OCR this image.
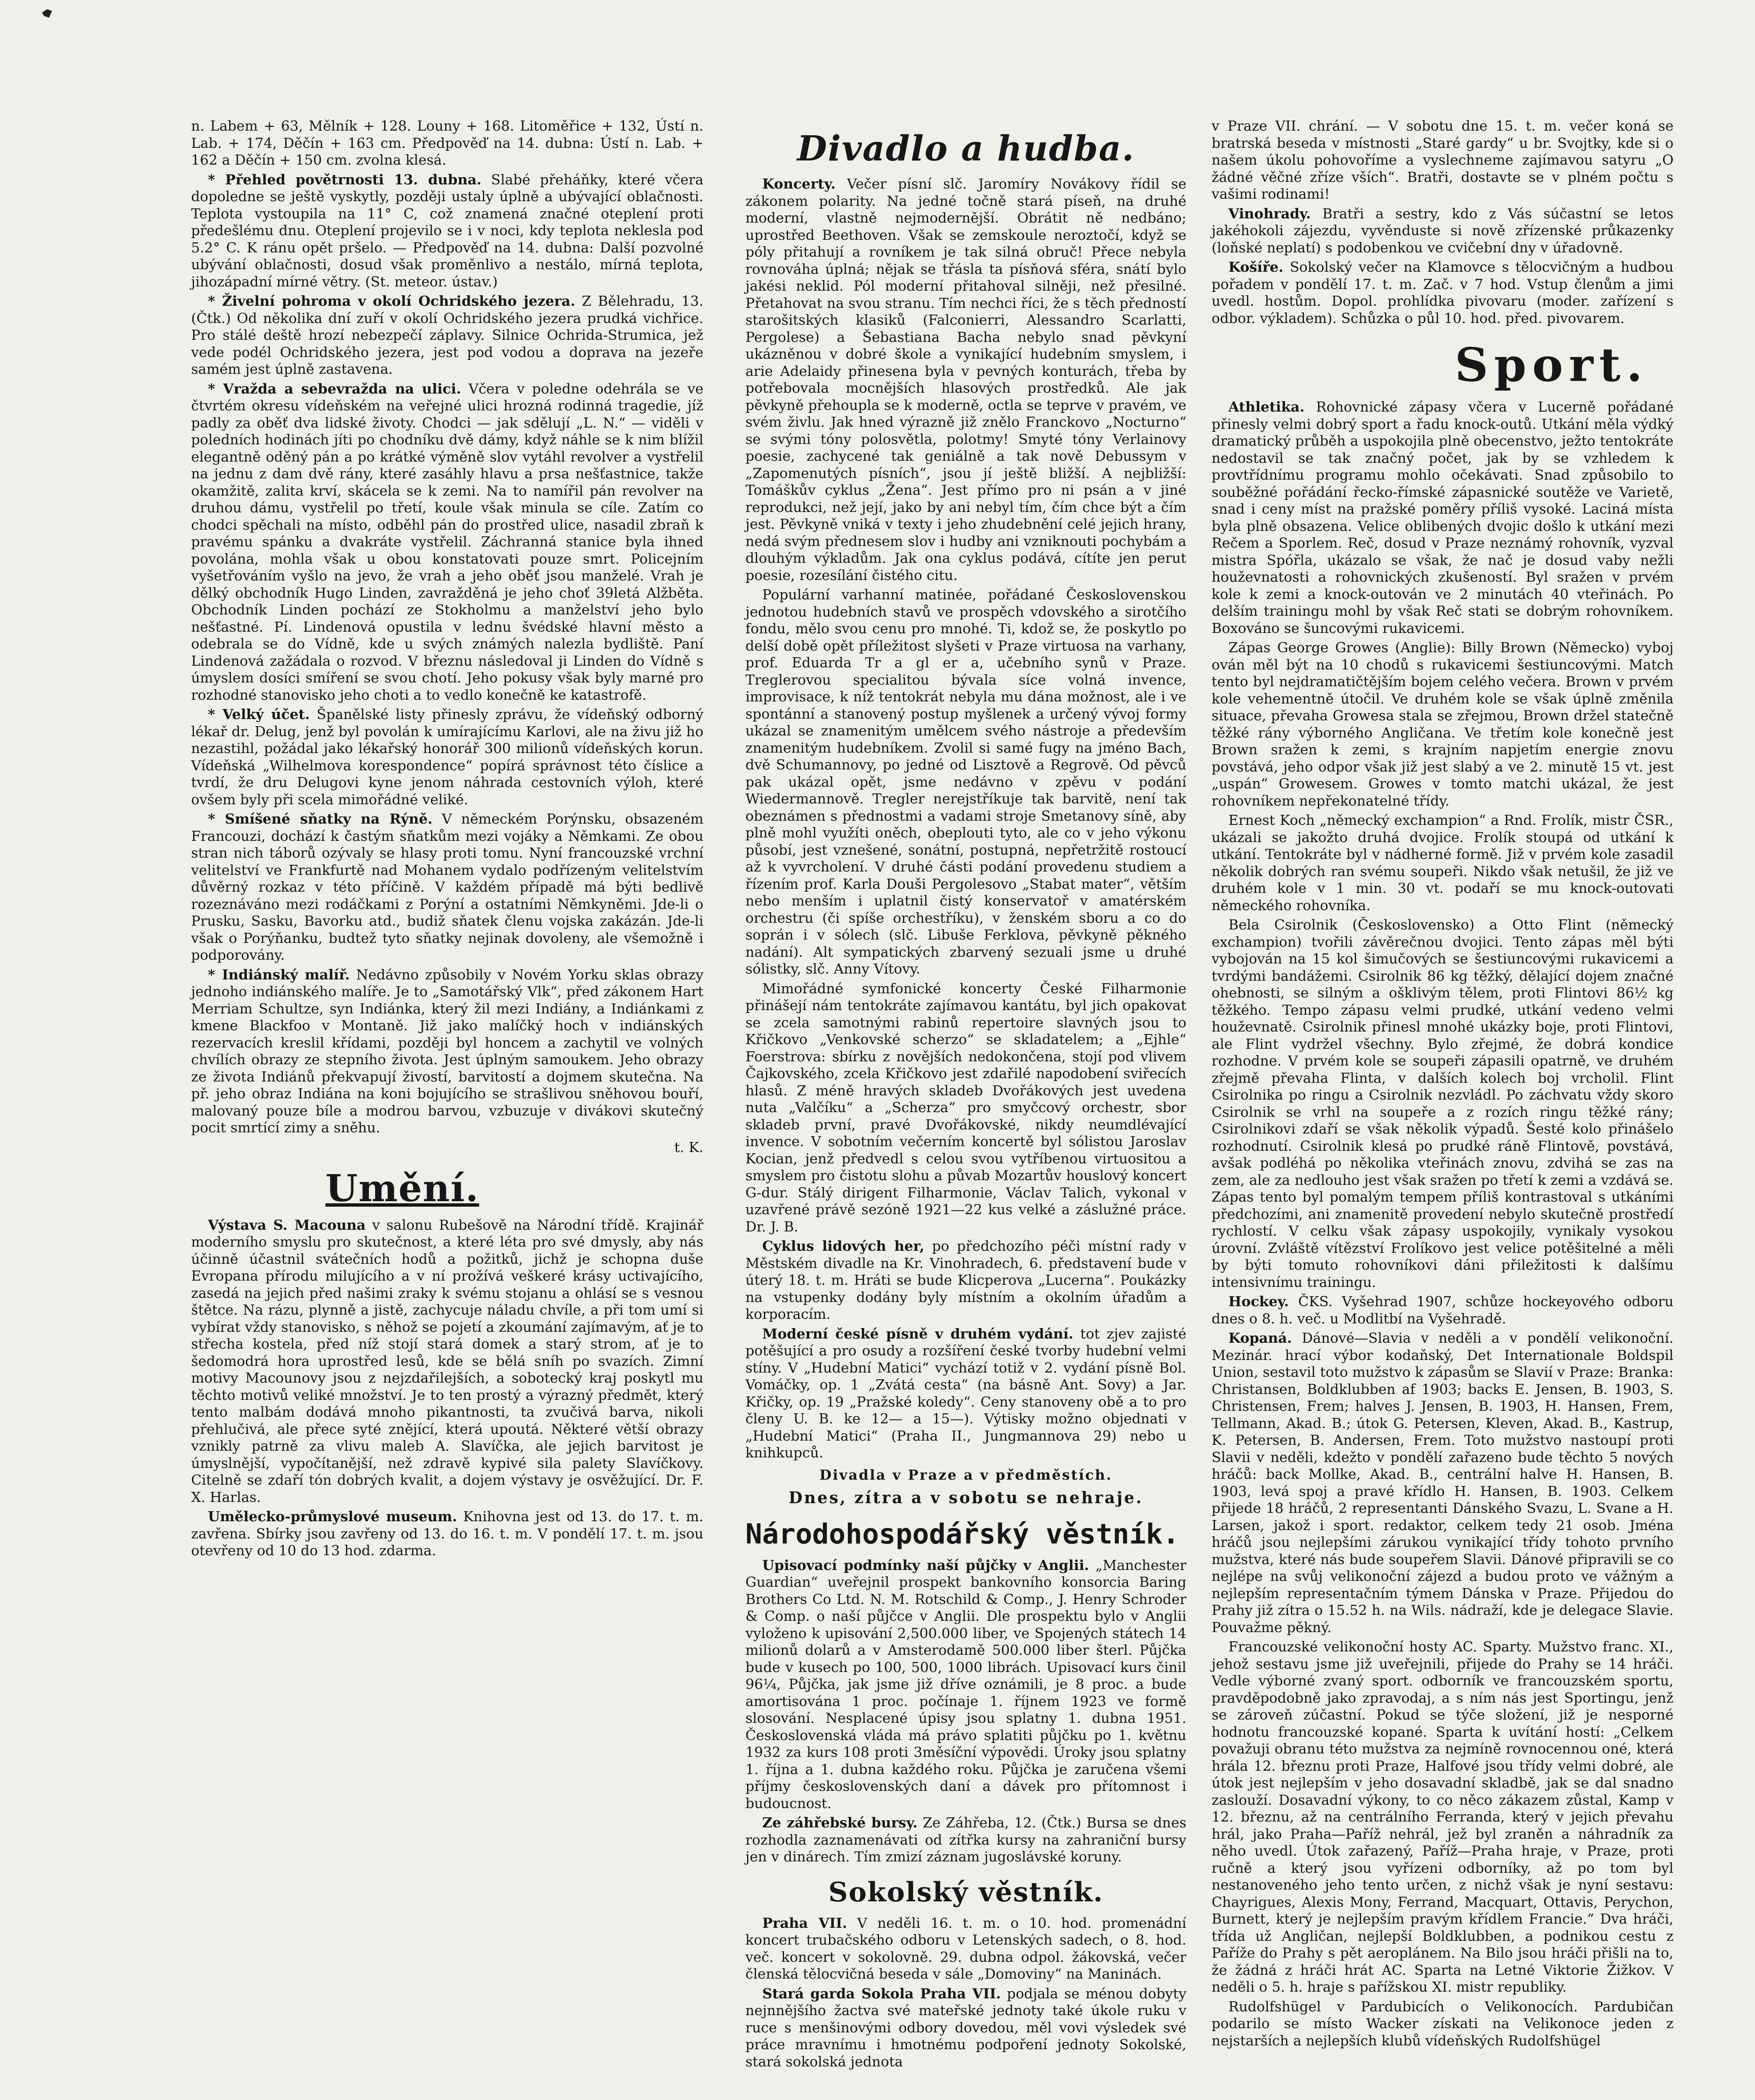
n. Labem + 63, Mělník + 128. Louny + 168. Litoměřice + 132, Ústí n. Lab. + 174, Děčín + 163 cm. Předpověď na 14. dubna: Ústí n. Lab. + 162 a Děčín + 150 cm. zvolna klesá.

* Přehled povětrnosti 13. dubna. Slabé přeháňky, které včera dopoledne se ještě vyskytly, později ustaly úplně a ubývající oblačnosti. Teplota vystoupila na 11° C, což znamená značné oteplení proti předešlému dnu. Oteplení projevilo se i v noci, kdy teplota neklesla pod 5.2° C. K ránu opět pršelo. — Předpověď na 14. dubna: Další pozvolné ubývání oblačnosti, dosud však proměnlivo a nestálo, mírná teplota, jihozápadní mírné větry. (St. meteor. ústav.)

* Živelní pohroma v okolí Ochridského jezera. Z Bělehradu, 13. (Čtk.) Od několika dní zuří v okolí Ochridského jezera prudká vichřice. Pro stálé deště hrozí nebezpečí záplavy. Silnice Ochrida-Strumica, jež vede podél Ochridského jezera, jest pod vodou a doprava na jezeře samém jest úplně zastavena.

* Vražda a sebevražda na ulici. Včera v poledne odehrála se ve čtvrtém okresu vídeňském na veřejné ulici hrozná rodinná tragedie, jíž padly za oběť dva lidské životy. Chodci — jak sdělují „L. N.“ — viděli v poledních hodinách jíti po chodníku dvě dámy, když náhle se k nim blížil elegantně oděný pán a po krátké výměně slov vytáhl revolver a vystřelil na jednu z dam dvě rány, které zasáhly hlavu a prsa nešťastnice, takže okamžitě, zalita krví, skácela se k zemi. Na to namířil pán revolver na druhou dámu, vystřelil po třetí, koule však minula se cíle. Zatím co chodci spěchali na místo, odběhl pán do prostřed ulice, nasadil zbraň k pravému spánku a dvakráte vystřelil. Záchranná stanice byla ihned povolána, mohla však u obou konstatovati pouze smrt. Policejním vyšetřováním vyšlo na jevo, že vrah a jeho oběť jsou manželé. Vrah je dělký obchodník Hugo Linden, zavražděná je jeho choť 39letá Alžběta. Obchodník Linden pochází ze Stokholmu a manželství jeho bylo nešťastné. Pí. Lindenová opustila v lednu švédské hlavní město a odebrala se do Vídně, kde u svých známých nalezla bydliště. Paní Lindenová zažádala o rozvod. V březnu následoval ji Linden do Vídně s úmyslem dosíci smíření se svou chotí. Jeho pokusy však byly marné pro rozhodné stanovisko jeho choti a to vedlo konečně ke katastrofě.

* Velký účet. Španělské listy přinesly zprávu, že vídeňský odborný lékař dr. Delug, jenž byl povolán k umírajícímu Karlovi, ale na živu již ho nezastihl, požádal jako lékařský honorář 300 milionů vídeňských korun. Vídeňská „Wilhelmova korespondence“ popírá správnost této číslice a tvrdí, že dru Delugovi kyne jenom náhrada cestovních výloh, které ovšem byly při scela mimořádné veliké.

* Smíšené sňatky na Rýně. V německém Porýnsku, obsazeném Francouzi, dochází k častým sňatkům mezi vojáky a Němkami. Ze obou stran nich táborů ozývaly se hlasy proti tomu. Nyní francouzské vrchní velitelství ve Frankfurtě nad Mohanem vydalo podřízeným velitelstvím důvěrný rozkaz v této příčině. V každém případě má býti bedlivě rozeznáváno mezi rodáčkami z Porýní a ostatními Němkyněmi. Jde-li o Prusku, Sasku, Bavorku atd., budiž sňatek členu vojska zakázán. Jde-li však o Porýňanku, budtež tyto sňatky nejinak dovoleny, ale všemožně i podporovány.

* Indiánský malíř. Nedávno způsobily v Novém Yorku sklas obrazy jednoho indiánského malíře. Je to „Samotářský Vlk“, před zákonem Hart Merriam Schultze, syn Indiánka, který žil mezi Indiány, a Indiánkami z kmene Blackfoo v Montaně. Již jako malíčký hoch v indiánských rezervacích kreslil křídami, později byl honcem a zachytil ve volných chvílích obrazy ze stepního života. Jest úplným samoukem. Jeho obrazy ze života Indiánů překvapují živostí, barvitostí a dojmem skutečna. Na př. jeho obraz Indiána na koni bojujícího se strašlivou sněhovou bouří, malovaný pouze bíle a modrou barvou, vzbuzuje v divákovi skutečný pocit smrtící zimy a sněhu.

t. K.
Umění.

Výstava S. Macouna v salonu Rubešově na Národní třídě. Krajinář moderního smyslu pro skutečnost, a které léta pro své dmysly, aby nás účinně účastnil svátečních hodů a požitků, jichž je schopna duše Evropana přírodu milujícího a v ní prožívá veškeré krásy uctivajícího, zasedá na jejich před našimi zraky k svému stojanu a ohlásí se s vesnou štětce. Na rázu, plynně a jistě, zachycuje náladu chvíle, a při tom umí si vybírat vždy stanovisko, s něhož se pojetí a zkoumání zajímavým, ať je to střecha kostela, před níž stojí stará domek a starý strom, ať je to šedomodrá hora uprostřed lesů, kde se bělá sníh po svazích. Zimní motivy Macounovy jsou z nejzdařilejších, a sobotecký kraj poskytl mu těchto motivů veliké množství. Je to ten prostý a výrazný předmět, který tento malbám dodává mnoho pikantnosti, ta zvučivá barva, nikoli přehlučivá, ale přece syté znějící, která upoutá. Některé větší obrazy vznikly patrně za vlivu maleb A. Slavíčka, ale jejich barvitost je úmyslnější, vypočítanější, než zdravě kypivé sila palety Slavíčkovy. Citelně se zdaří tón dobrých kvalit, a dojem výstavy je osvěžující. Dr. F. X. Harlas.

Umělecko-průmyslové museum. Knihovna jest od 13. do 17. t. m. zavřena. Sbírky jsou zavřeny od 13. do 16. t. m. V pondělí 17. t. m. jsou otevřeny od 10 do 13 hod. zdarma.

Divadlo a hudba.

Koncerty. Večer písní slč. Jaromíry Novákovy řídil se zákonem polarity. Na jedné točně stará píseň, na druhé moderní, vlastně nejmodernější. Obrátit ně nedbáno; uprostřed Beethoven. Však se zemskoule neroztočí, když se póly přitahují a rovníkem je tak silná obruč! Přece nebyla rovnováha úplná; nějak se třásla ta písňová sféra, snátí bylo jakési neklid. Pól moderní přitahoval silněji, než přesilné. Přetahovat na svou stranu. Tím nechci říci, že s těch předností starošitských klasiků (Falconierri, Alessandro Scarlatti, Pergolese) a Šebastiana Bacha nebylo snad pěvkyní ukázněnou v dobré škole a vynikající hudebním smyslem, i arie Adelaidy přinesena byla v pevných konturách, třeba by potřebovala mocnějších hlasových prostředků. Ale jak pěvkyně přehoupla se k moderně, octla se teprve v pravém, ve svém živlu. Jak hned výrazně již znělo Franckovo „Nocturno“ se svými tóny polosvětla, polotmy! Smyté tóny Verlainovy poesie, zachycené tak geniálně a tak nově Debussym v „Zapomenutých písních“, jsou jí ještě bližší. A nejbližší: Tomáškův cyklus „Žena“. Jest přímo pro ni psán a v jiné reprodukci, než její, jako by ani nebyl tím, čím chce být a čím jest. Pěvkyně vniká v texty i jeho zhudebnění celé jejich hrany, nedá svým přednesem slov i hudby ani vzniknouti pochybám a dlouhým výkladům. Jak ona cyklus podává, cítíte jen perut poesie, rozesílání čistého citu.

Populární varhanní matinée, pořádané Československou jednotou hudebních stavů ve prospěch vdovského a sirotčího fondu, mělo svou cenu pro mnohé. Ti, kdož se, že poskytlo po delší době opět příležitost slyšeti v Praze virtuosa na varhany, prof. Eduarda Tr a gl er a, učebního synů v Praze. Treglerovou specialitou bývala síce volná invence, improvisace, k níž tentokrát nebyla mu dána možnost, ale i ve spontánní a stanovený postup myšlenek a určený vývoj formy ukázal se znamenitým umělcem svého nástroje a především znamenitým hudebníkem. Zvolil si samé fugy na jméno Bach, dvě Schumannovy, po jedné od Lisztově a Regrově. Od pěvců pak ukázal opět, jsme nedávno v zpěvu v podání Wiedermannově. Tregler nerejstříkuje tak barvitě, není tak obeznámen s přednostmi a vadami stroje Smetanovy síně, aby plně mohl využíti oněch, obeplouti tyto, ale co v jeho výkonu působí, jest vznešené, sonátní, postupná, nepřetržitě rostoucí až k vyvrcholení. V druhé části podání provedenu studiem a řízením prof. Karla Douši Pergolesovo „Stabat mater“, větším nebo menším i uplatnil čistý konservatoř v amatérském orchestru (či spíše orchestříku), v ženském sboru a co do soprán i v sólech (slč. Libuše Ferklova, pěvkyně pěkného nadání). Alt sympatických zbarvený sezuali jsme u druhé sólistky, slč. Anny Vítovy.

Mimořádné symfonické koncerty České Filharmonie přinášejí nám tentokráte zajímavou kantátu, byl jich opakovat se zcela samotnými rabinů repertoire slavných jsou to Křičkovo „Venkovské scherzo“ se skladatelem; a „Ejhle“ Foerstrova: sbírku z novějších nedokončena, stojí pod vlivem Čajkovského, zcela Křičkovo jest zdařilé napodobení sviřecích hlasů. Z méně hravých skladeb Dvořákových jest uvedena nuta „Valčíku“ a „Scherza“ pro smyčcový orchestr, sbor skladeb první, pravé Dvořákovské, nikdy neumdlévající invence. V sobotním večerním koncertě byl sólistou Jaroslav Kocian, jenž předvedl s celou svou vytříbenou virtuositou a smyslem pro čistotu slohu a půvab Mozartův houslový koncert G-dur. Stálý dirigent Filharmonie, Václav Talich, vykonal v uzavřené právě sezóně 1921—22 kus velké a záslužné práce. Dr. J. B.

Cyklus lidových her, po předchozího péči místní rady v Městském divadle na Kr. Vinohradech, 6. představení bude v úterý 18. t. m. Hráti se bude Klicperova „Lucerna“. Poukázky na vstupenky dodány byly místním a okolním úřadům a korporacím.

Moderní české písně v druhém vydání. tot zjev zajisté potěšující a pro osudy a rozšíření české tvorby hudební velmi stíny. V „Hudební Matici“ vychází totiž v 2. vydání písně Bol. Vomáčky, op. 1 „Zvátá cesta“ (na básně Ant. Sovy) a Jar. Křičky, op. 19 „Pražské koledy“. Ceny stanoveny obě a to pro členy U. B. ke 12— a 15—). Výtisky možno objednati v „Hudební Matici“ (Praha II., Jungmannova 29) nebo u knihkupců.

Divadla v Praze a v předměstích.
Dnes, zítra a v sobotu se nehraje.
Národohospodářský věstník.

Upisovací podmínky naší půjčky v Anglii. „Manchester Guardian“ uveřejnil prospekt bankovního konsorcia Baring Brothers Co Ltd. N. M. Rotschild & Comp., J. Henry Schroder & Comp. o naší půjčce v Anglii. Dle prospektu bylo v Anglii vyloženo k upisování 2,500.000 liber, ve Spojených státech 14 milionů dolarů a v Amsterodamě 500.000 liber šterl. Půjčka bude v kusech po 100, 500, 1000 librách. Upisovací kurs činil 96¼, Půjčka, jak jsme již dříve oznámili, je 8 proc. a bude amortisována 1 proc. počínaje 1. říjnem 1923 ve formě slosování. Nesplacené úpisy jsou splatny 1. dubna 1951. Československá vláda má právo splatiti půjčku po 1. květnu 1932 za kurs 108 proti 3měsíční výpovědi. Úroky jsou splatny 1. října a 1. dubna každého roku. Půjčka je zaručena všemi příjmy československých daní a dávek pro přítomnost i budoucnost.

Ze záhřebské bursy. Ze Záhřeba, 12. (Čtk.) Bursa se dnes rozhodla zaznamenávati od zítřka kursy na zahraniční bursy jen v dinárech. Tím zmizí záznam jugoslávské koruny.

Sokolský věstník.

Praha VII. V neděli 16. t. m. o 10. hod. promenádní koncert trubačského odboru v Letenských sadech, o 8. hod. več. koncert v sokolovně. 29. dubna odpol. žákovská, večer členská tělocvičná beseda v sále „Domoviny“ na Maninách.

Stará garda Sokola Praha VII. podjala se ménou dobyty nejnnějšího žactva své mateřské jednoty také úkole ruku v ruce s menšinovými odbory dovedou, měl vovi výsledek své práce mravnímu i hmotnému podpoření jednoty Sokolské, stará sokolská jednota

v Praze VII. chrání. — V sobotu dne 15. t. m. večer koná se bratrská beseda v místnosti „Staré gardy“ u br. Svojtky, kde si o našem úkolu pohovoříme a vyslechneme zajímavou satyru „O žádné věčné zříze vších“. Bratři, dostavte se v plném počtu s vašimi rodinami!

Vinohrady. Bratři a sestry, kdo z Vás súčastní se letos jakéhokoli zájezdu, vyvěnduste si nově zřízenské průkazenky (loňské neplatí) s podobenkou ve cvičební dny v úřadovně.

Košíře. Sokolský večer na Klamovce s tělocvičným a hudbou pořadem v pondělí 17. t. m. Zač. v 7 hod. Vstup členům a jimi uvedl. hostům. Dopol. prohlídka pivovaru (moder. zařízení s odbor. výkladem). Schůzka o půl 10. hod. před. pivovarem.

Sport.

Athletika. Rohovnické zápasy včera v Lucerně pořádané přinesly velmi dobrý sport a řadu knock-outů. Utkání měla výdký dramatický průběh a uspokojila plně obecenstvo, ježto tentokráte nedostavil se tak značný počet, jak by se vzhledem k provtřídnímu programu mohlo očekávati. Snad způsobilo to souběžné pořádání řecko-římské zápasnické soutěže ve Varietě, snad i ceny míst na pražské poměry příliš vysoké. Laciná místa byla plně obsazena. Velice oblibených dvojic došlo k utkání mezi Rečem a Sporlem. Reč, dosud v Praze neznámý rohovník, vyzval mistra Spóřla, ukázalo se však, že nač je dosud vaby nežli houževnatosti a rohovnických zkušeností. Byl sražen v prvém kole k zemi a knock-outován ve 2 minutách 40 vteřinách. Po delším trainingu mohl by však Reč stati se dobrým rohovníkem. Boxováno se šuncovými rukavicemi.

Zápas George Growes (Anglie): Billy Brown (Německo) vyboj ován měl být na 10 chodů s rukavicemi šestiuncovými. Match tento byl nejdramatičtějším bojem celého večera. Brown v prvém kole vehementně útočil. Ve druhém kole se však úplně změnila situace, převaha Growesa stala se zřejmou, Brown držel statečně těžké rány výborného Angličana. Ve třetím kole konečně jest Brown sražen k zemi, s krajním napjetím energie znovu povstává, jeho odpor však již jest slabý a ve 2. minutě 15 vt. jest „uspán“ Growesem. Growes v tomto matchi ukázal, že jest rohovníkem nepřekonatelné třídy.

Ernest Koch „německý exchampion“ a Rnd. Frolík, mistr ČSR., ukázali se jakožto druhá dvojice. Frolík stoupá od utkání k utkání. Tentokráte byl v nádherné formě. Již v prvém kole zasadil několik dobrých ran svému soupeři. Nikdo však netušil, že již ve druhém kole v 1 min. 30 vt. podaří se mu knock-outovati německého rohovníka.

Bela Csirolnik (Československo) a Otto Flint (německý exchampion) tvořili závěrečnou dvojici. Tento zápas měl býti vybojován na 15 kol šimučových se šestiuncovými rukavicemi a tvrdými bandážemi. Csirolnik 86 kg těžký, dělající dojem značné ohebnosti, se silným a ošklivým tělem, proti Flintovi 86½ kg těžkého. Tempo zápasu velmi prudké, utkání vedeno velmi houževnatě. Csirolnik přinesl mnohé ukázky boje, proti Flintovi, ale Flint vydržel všechny. Bylo zřejmé, že dobrá kondice rozhodne. V prvém kole se soupeři zápasili opatrně, ve druhém zřejmě převaha Flinta, v dalších kolech boj vrcholil. Flint Csirolnika po ringu a Csirolnik nezvládl. Po záchvatu vždy skoro Csirolnik se vrhl na soupeře a z rozích ringu těžké rány; Csirolnikovi zdaří se však několik výpadů. Šesté kolo přinášelo rozhodnutí. Csirolnik klesá po prudké ráně Flintově, povstává, avšak podléhá po několika vteřinách znovu, zdvihá se zas na zem, ale za nedlouho jest však sražen po třetí k zemi a vzdává se. Zápas tento byl pomalým tempem příliš kontrastoval s utkáními předchozími, ani znamenitě provedení nebylo skutečně prostředí rychlostí. V celku však zápasy uspokojily, vynikaly vysokou úrovní. Zvláště vítězství Frolíkovo jest velice potěšitelné a měli by býti tomuto rohovníkovi dáni přiležitosti k dalšímu intensivnímu trainingu.

Hockey. ČKS. Vyšehrad 1907, schůze hockeyového odboru dnes o 8. h. več. u Modlitbí na Vyšehradě.

Kopaná. Dánové—Slavia v neděli a v pondělí velikonoční. Mezinár. hrací výbor kodaňský, Det Internationale Boldspil Union, sestavil toto mužstvo k zápasům se Slavií v Praze: Branka: Christansen, Boldklubben af 1903; backs E. Jensen, B. 1903, S. Christensen, Frem; halves J. Jensen, B. 1903, H. Hansen, Frem, Tellmann, Akad. B.; útok G. Petersen, Kleven, Akad. B., Kastrup, K. Petersen, B. Andersen, Frem. Toto mužstvo nastoupí proti Slavii v neděli, kdežto v pondělí zařazeno bude těchto 5 nových hráčů: back Mollke, Akad. B., centrální halve H. Hansen, B. 1903, levá spoj a pravé křídlo H. Hansen, B. 1903. Celkem přijede 18 hráčů, 2 representanti Dánského Svazu, L. Svane a H. Larsen, jakož i sport. redaktor, celkem tedy 21 osob. Jména hráčů jsou nejlepšími zárukou vynikající třídy tohoto prvního mužstva, které nás bude soupeřem Slavii. Dánové připravili se co nejlépe na svůj velikonoční zájezd a budou proto ve vážným a nejlepším representačním týmem Dánska v Praze. Přijedou do Prahy již zítra o 15.52 h. na Wils. nádraží, kde je delegace Slavie. Pouvažme pěkný.

Francouzské velikonoční hosty AC. Sparty. Mužstvo franc. XI., jehož sestavu jsme již uveřejnili, přijede do Prahy se 14 hráči. Vedle výborné zvaný sport. odborník ve francouzském sportu, pravděpodobně jako zpravodaj, a s ním nás jest Sportingu, jenž se zároveň zúčastní. Pokud se týče složení, již je nesporné hodnotu francouzské kopané. Sparta k uvítání hostí: „Celkem považuji obranu této mužstva za nejmíně rovnocennou oné, která hrála 12. březnu proti Praze, Halfové jsou třídy velmi dobré, ale útok jest nejlepším v jeho dosavadní skladbě, jak se dal snadno zaslouží. Dosavadní výkony, to co něco zákazem zůstal, Kamp v 12. březnu, až na centrálního Ferranda, který v jejich převahu hrál, jako Praha—Paříž nehrál, jež byl zraněn a náhradník za něho uvedl. Útok zařazený, Paříž—Praha hraje, v Praze, proti ručně a který jsou vyřízeni odborníky, až po tom byl nestanoveného jeho tento určen, z nichž však je nyní sestavu: Chayrigues, Alexis Mony, Ferrand, Macquart, Ottavis, Perychon, Burnett, který je nejlepším pravým křídlem Francie.“ Dva hráči, třída už Angličan, nejlepší Boldklubben, a podnikou cestu z Paříže do Prahy s pět aeroplánem. Na Bilo jsou hráči přišli na to, že žádná z hráči hrát AC. Sparta na Letné Viktorie Žižkov. V neděli o 5. h. hraje s pařížskou XI. mistr republiky.

Rudolfshügel v Pardubicích o Velikonocích. Pardubičan podarilo se místo Wacker získati na Velikonoce jeden z nejstarších a nejlepších klubů vídeňských Rudolfshügel
